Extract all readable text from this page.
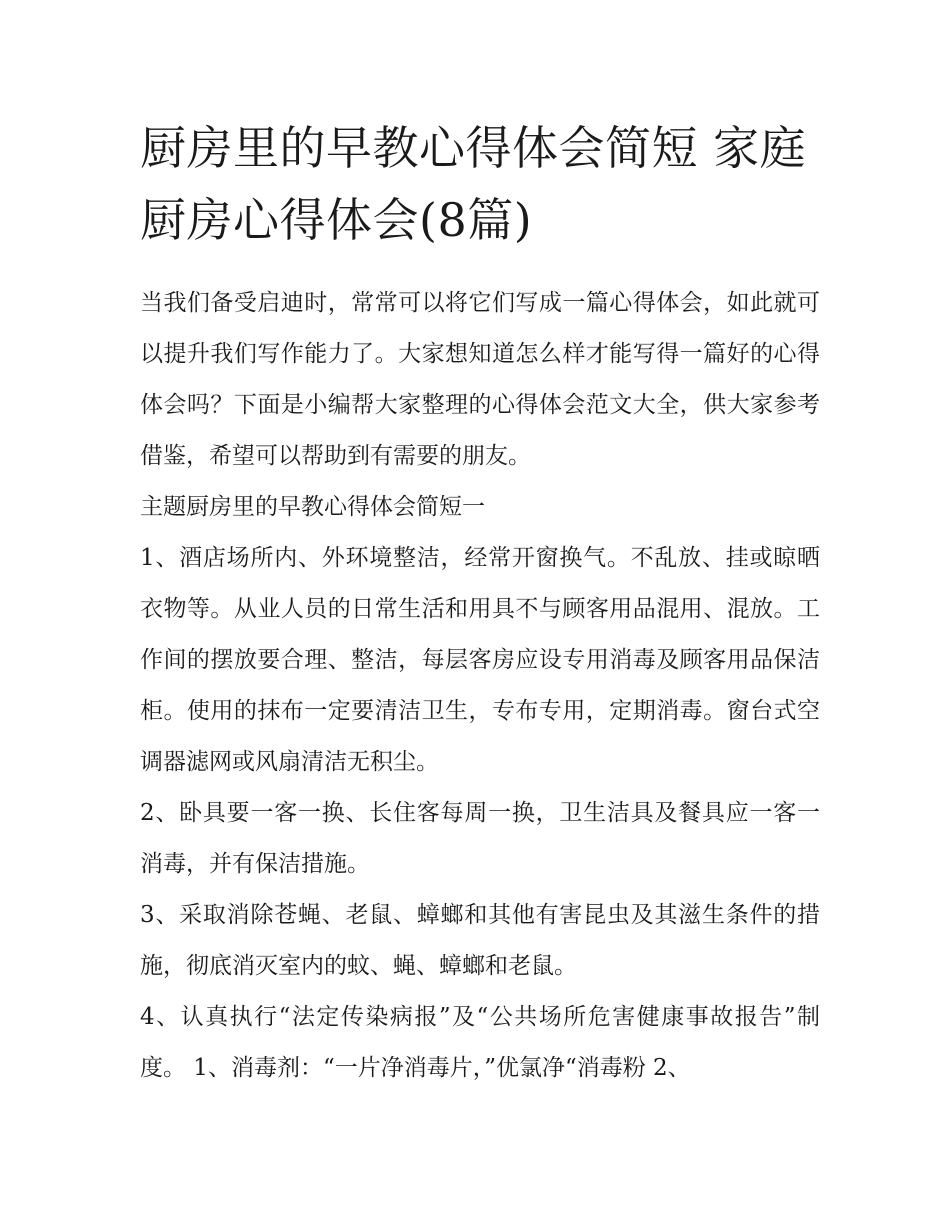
厨房里的早教心得体会简短 家庭厨房心得体会(8篇)

当我们备受启迪时，常常可以将它们写成一篇心得体会，如此就可以提升我们写作能力了。大家想知道怎么样才能写得一篇好的心得体会吗？下面是小编帮大家整理的心得体会范文大全，供大家参考借鉴，希望可以帮助到有需要的朋友。

主题厨房里的早教心得体会简短一

1、酒店场所内、外环境整洁，经常开窗换气。不乱放、挂或晾晒衣物等。从业人员的日常生活和用具不与顾客用品混用、混放。工作间的摆放要合理、整洁，每层客房应设专用消毒及顾客用品保洁柜。使用的抹布一定要清洁卫生，专布专用，定期消毒。窗台式空调器滤网或风扇清洁无积尘。

2、卧具要一客一换、长住客每周一换，卫生洁具及餐具应一客一消毒，并有保洁措施。

3、采取消除苍蝇、老鼠、蟑螂和其他有害昆虫及其滋生条件的措施，彻底消灭室内的蚊、蝇、蟑螂和老鼠。

4、认真执行“法定传染病报”及“公共场所危害健康事故报告”制度。 1、消毒剂：“一片净消毒片，”优氯净“消毒粉 2、
